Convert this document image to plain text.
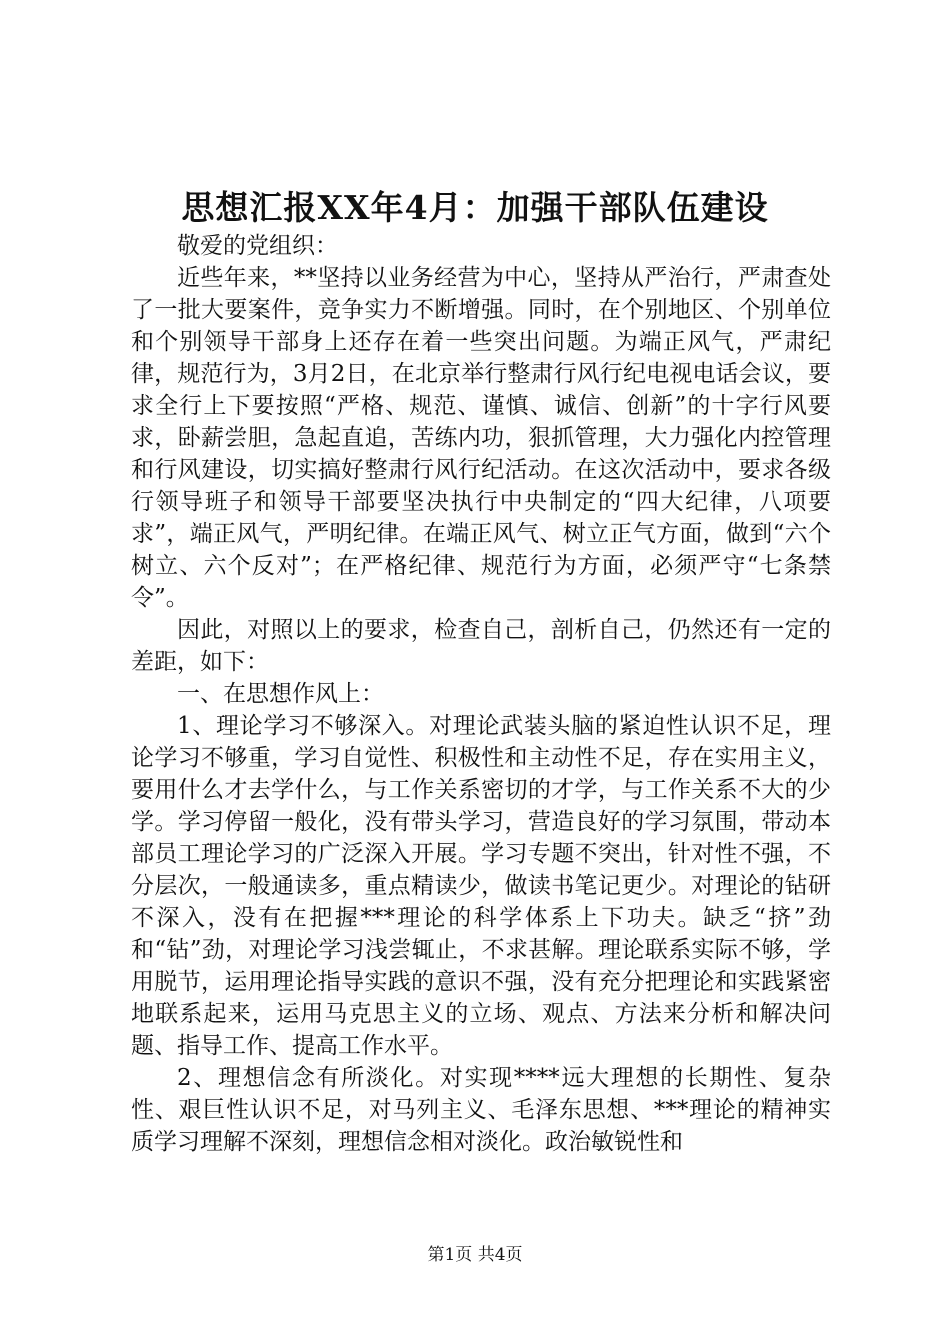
思想汇报XX年4月：加强干部队伍建设

敬爱的党组织：

近些年来，**坚持以业务经营为中心，坚持从严治行，严肃查处了一批大要案件，竞争实力不断增强。同时，在个别地区、个别单位和个别领导干部身上还存在着一些突出问题。为端正风气，严肃纪律，规范行为，3月2日，在北京举行整肃行风行纪电视电话会议，要求全行上下要按照“严格、规范、谨慎、诚信、创新”的十字行风要求，卧薪尝胆，急起直追，苦练内功，狠抓管理，大力强化内控管理和行风建设，切实搞好整肃行风行纪活动。在这次活动中，要求各级行领导班子和领导干部要坚决执行中央制定的“四大纪律，八项要求”，端正风气，严明纪律。在端正风气、树立正气方面，做到“六个树立、六个反对”；在严格纪律、规范行为方面，必须严守“七条禁令”。

因此，对照以上的要求，检查自己，剖析自己，仍然还有一定的差距，如下：

一、在思想作风上：

1、理论学习不够深入。对理论武装头脑的紧迫性认识不足，理论学习不够重，学习自觉性、积极性和主动性不足，存在实用主义，要用什么才去学什么，与工作关系密切的才学，与工作关系不大的少学。学习停留一般化，没有带头学习，营造良好的学习氛围，带动本部员工理论学习的广泛深入开展。学习专题不突出，针对性不强，不分层次，一般通读多，重点精读少，做读书笔记更少。对理论的钻研不深入，没有在把握***理论的科学体系上下功夫。缺乏“挤”劲和“钻”劲，对理论学习浅尝辄止，不求甚解。理论联系实际不够，学用脱节，运用理论指导实践的意识不强，没有充分把理论和实践紧密地联系起来，运用马克思主义的立场、观点、方法来分析和解决问题、指导工作、提高工作水平。

2、理想信念有所淡化。对实现****远大理想的长期性、复杂性、艰巨性认识不足，对马列主义、毛泽东思想、***理论的精神实质学习理解不深刻，理想信念相对淡化。政治敏锐性和

第1页 共4页
